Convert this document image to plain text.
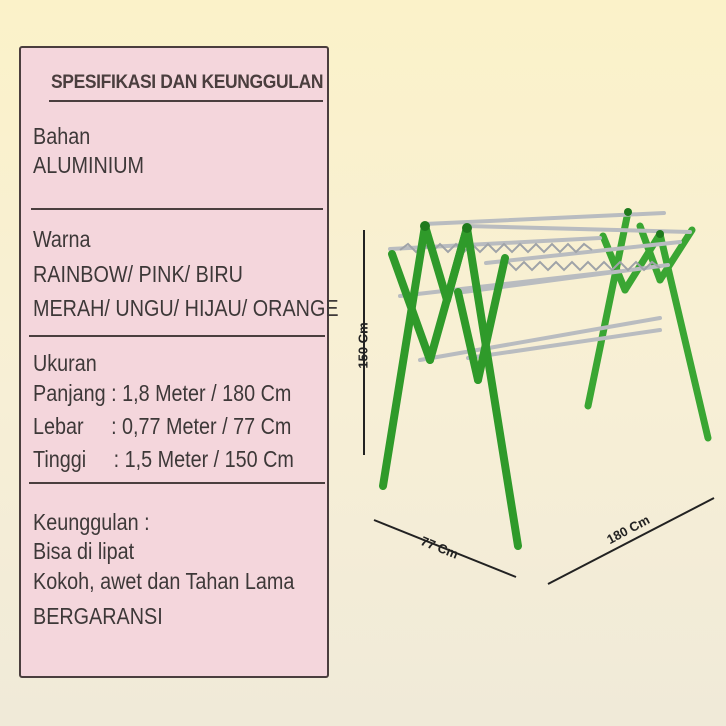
SPESIFIKASI DAN KEUNGGULAN
Bahan
ALUMINIUM
Warna
RAINBOW/ PINK/ BIRU
MERAH/ UNGU/ HIJAU/ ORANGE
Ukuran
Panjang : 1,8 Meter / 180 Cm
Lebar     : 0,77 Meter / 77 Cm
Tinggi     : 1,5 Meter / 150 Cm
Keunggulan :
Bisa di lipat
Kokoh, awet dan Tahan Lama
BERGARANSI
150 Cm
77 Cm
180 Cm
